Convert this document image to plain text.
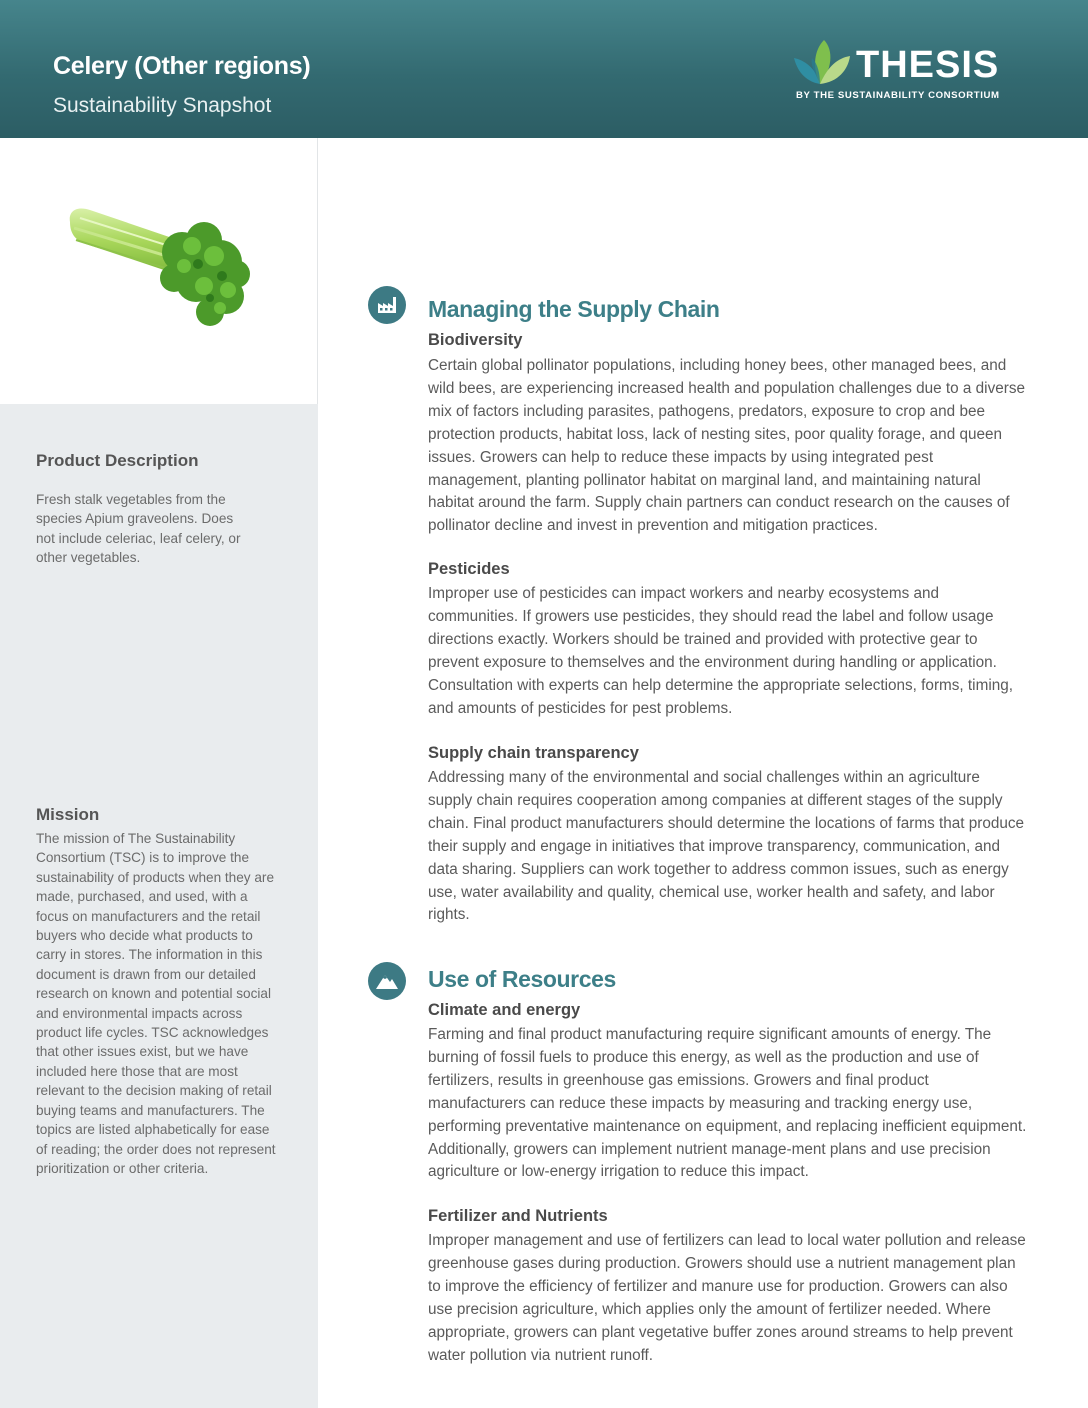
Celery (Other regions)

Sustainability Snapshot

THESIS
BY THE SUSTAINABILITY CONSORTIUM
Product Description

Fresh stalk vegetables from the species Apium graveolens. Does not include celeriac, leaf celery, or other vegetables.

Mission

The mission of The Sustainability Consortium (TSC) is to improve the sustainability of products when they are made, purchased, and used, with a focus on manufacturers and the retail buyers who decide what products to carry in stores. The information in this document is drawn from our detailed research on known and potential social and environmental impacts across product life cycles. TSC acknowledges that other issues exist, but we have included here those that are most relevant to the decision making of retail buying teams and manufacturers. The topics are listed alphabetically for ease of reading; the order does not represent prioritization or other criteria.

Managing the Supply Chain
Biodiversity

Certain global pollinator populations, including honey bees, other managed bees, and wild bees, are experiencing increased health and population challenges due to a diverse mix of factors including parasites, pathogens, predators, exposure to crop and bee protection products, habitat loss, lack of nesting sites, poor quality forage, and queen issues. Growers can help to reduce these impacts by using integrated pest management, planting pollinator habitat on marginal land, and maintaining natural habitat around the farm. Supply chain partners can conduct research on the causes of pollinator decline and invest in prevention and mitigation practices.

Pesticides

Improper use of pesticides can impact workers and nearby ecosystems and communities. If growers use pesticides, they should read the label and follow usage directions exactly. Workers should be trained and provided with protective gear to prevent exposure to themselves and the environment during handling or application. Consultation with experts can help determine the appropriate selections, forms, timing, and amounts of pesticides for pest problems.

Supply chain transparency

Addressing many of the environmental and social challenges within an agriculture supply chain requires cooperation among companies at different stages of the supply chain. Final product manufacturers should determine the locations of farms that produce their supply and engage in initiatives that improve transparency, communication, and data sharing. Suppliers can work together to address common issues, such as energy use, water availability and quality, chemical use, worker health and safety, and labor rights.

Use of Resources
Climate and energy

Farming and final product manufacturing require significant amounts of energy. The burning of fossil fuels to produce this energy, as well as the production and use of fertilizers, results in greenhouse gas emissions. Growers and final product manufacturers can reduce these impacts by measuring and tracking energy use, performing preventative maintenance on equipment, and replacing inefficient equipment. Additionally, growers can implement nutrient manage-ment plans and use precision agriculture or low-energy irrigation to reduce this impact.

Fertilizer and Nutrients

Improper management and use of fertilizers can lead to local water pollution and release greenhouse gases during production. Growers should use a nutrient management plan to improve the efficiency of fertilizer and manure use for production. Growers can also use precision agriculture, which applies only the amount of fertilizer needed. Where appropriate, growers can plant vegetative buffer zones around streams to help prevent water pollution via nutrient runoff.
